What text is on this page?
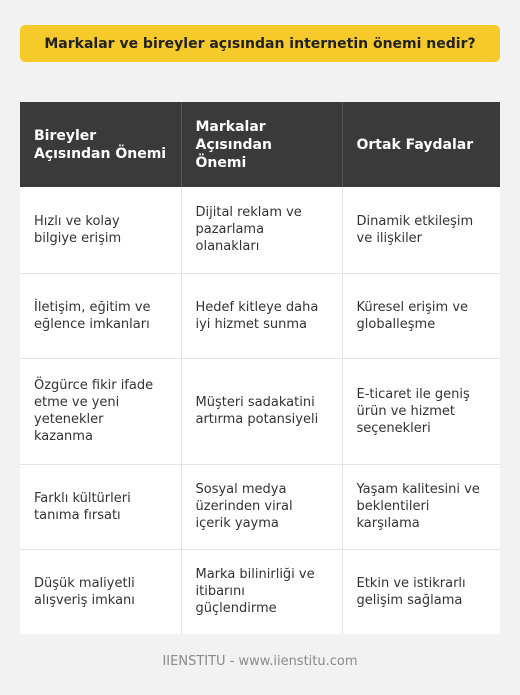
Markalar ve bireyler açısından internetin önemi nedir?
Bireyler Açısından Önemi	Markalar Açısından Önemi	Ortak Faydalar
Hızlı ve kolay bilgiye erişim	Dijital reklam ve pazarlama olanakları	Dinamik etkileşim ve ilişkiler
İletişim, eğitim ve eğlence imkanları	Hedef kitleye daha iyi hizmet sunma	Küresel erişim ve globalleşme
Özgürce fikir ifade etme ve yeni yetenekler kazanma	Müşteri sadakatini artırma potansiyeli	E-ticaret ile geniş ürün ve hizmet seçenekleri
Farklı kültürleri tanıma fırsatı	Sosyal medya üzerinden viral içerik yayma	Yaşam kalitesini ve beklentileri karşılama
Düşük maliyetli alışveriş imkanı	Marka bilinirliği ve itibarını güçlendirme	Etkin ve istikrarlı gelişim sağlama
IIENSTITU - www.iienstitu.com
